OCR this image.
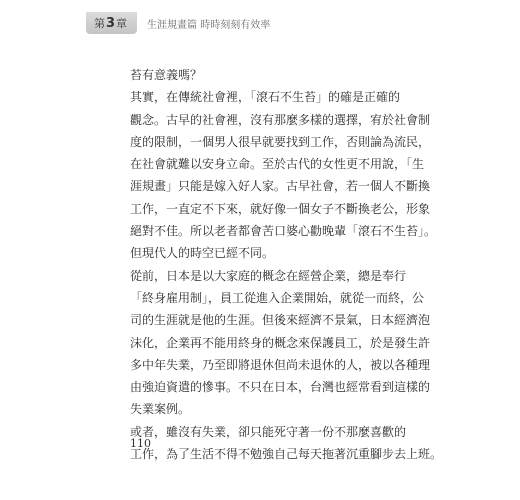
第 3 章 生涯規畫篇 時時刻刻有效率
苔有意義嗎？
其實，在傳統社會裡，「滾石不生苔」的確是正確的
觀念。古早的社會裡，沒有那麼多樣的選擇，宥於社會制
度的限制，一個男人很早就要找到工作，否則論為流民，
在社會就難以安身立命。至於古代的女性更不用說，「生
涯規畫」只能是嫁入好人家。古早社會，若一個人不斷換
工作，一直定不下來，就好像一個女子不斷換老公，形象
絕對不佳。所以老者都會苦口婆心勸晚輩「滾石不生苔」。
但現代人的時空已經不同。
從前，日本是以大家庭的概念在經營企業，總是奉行
「終身雇用制」，員工從進入企業開始，就從一而終，公
司的生涯就是他的生涯。但後來經濟不景氣，日本經濟泡
沫化，企業再不能用終身的概念來保護員工，於是發生許
多中年失業，乃至即將退休但尚未退休的人，被以各種理
由強迫資遣的慘事。不只在日本，台灣也經常看到這樣的
失業案例。
或者，雖沒有失業，卻只能死守著一份不那麼喜歡的
工作，為了生活不得不勉強自己每天拖著沉重腳步去上班。
110
